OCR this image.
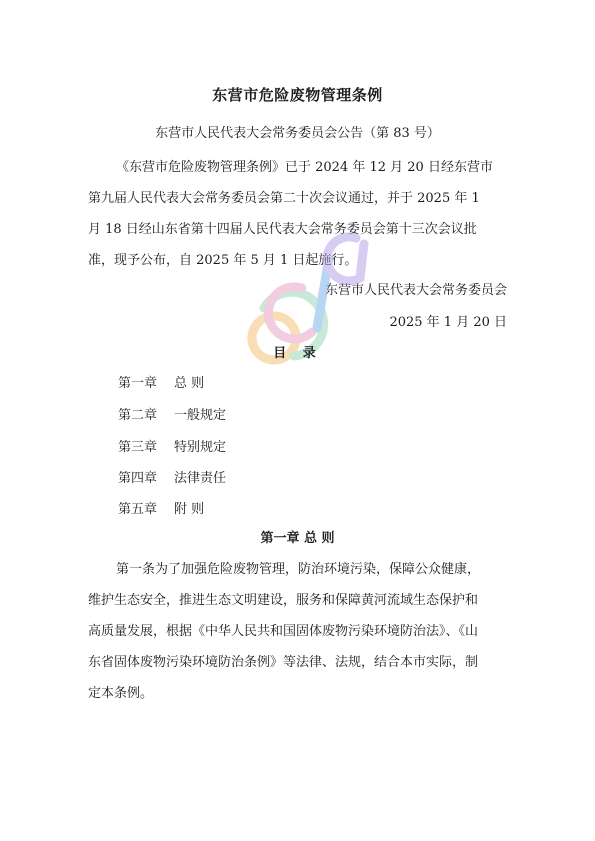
东营市危险废物管理条例
东营市人民代表大会常务委员会公告（第 83 号）
《东营市危险废物管理条例》已于 2024 年 12 月 20 日经东营市
第九届人民代表大会常务委员会第二十次会议通过，并于 2025 年 1
月 18 日经山东省第十四届人民代表大会常务委员会第十三次会议批
准，现予公布，自 2025 年 5 月 1 日起施行。
东营市人民代表大会常务委员会
2025 年 1 月 20 日
目 录
第一章 总 则
第二章 一般规定
第三章 特别规定
第四章 法律责任
第五章 附 则
第一章 总 则
第一条为了加强危险废物管理，防治环境污染，保障公众健康，
维护生态安全，推进生态文明建设，服务和保障黄河流域生态保护和
高质量发展，根据《中华人民共和国固体废物污染环境防治法》、《山
东省固体废物污染环境防治条例》等法律、法规，结合本市实际，制
定本条例。
